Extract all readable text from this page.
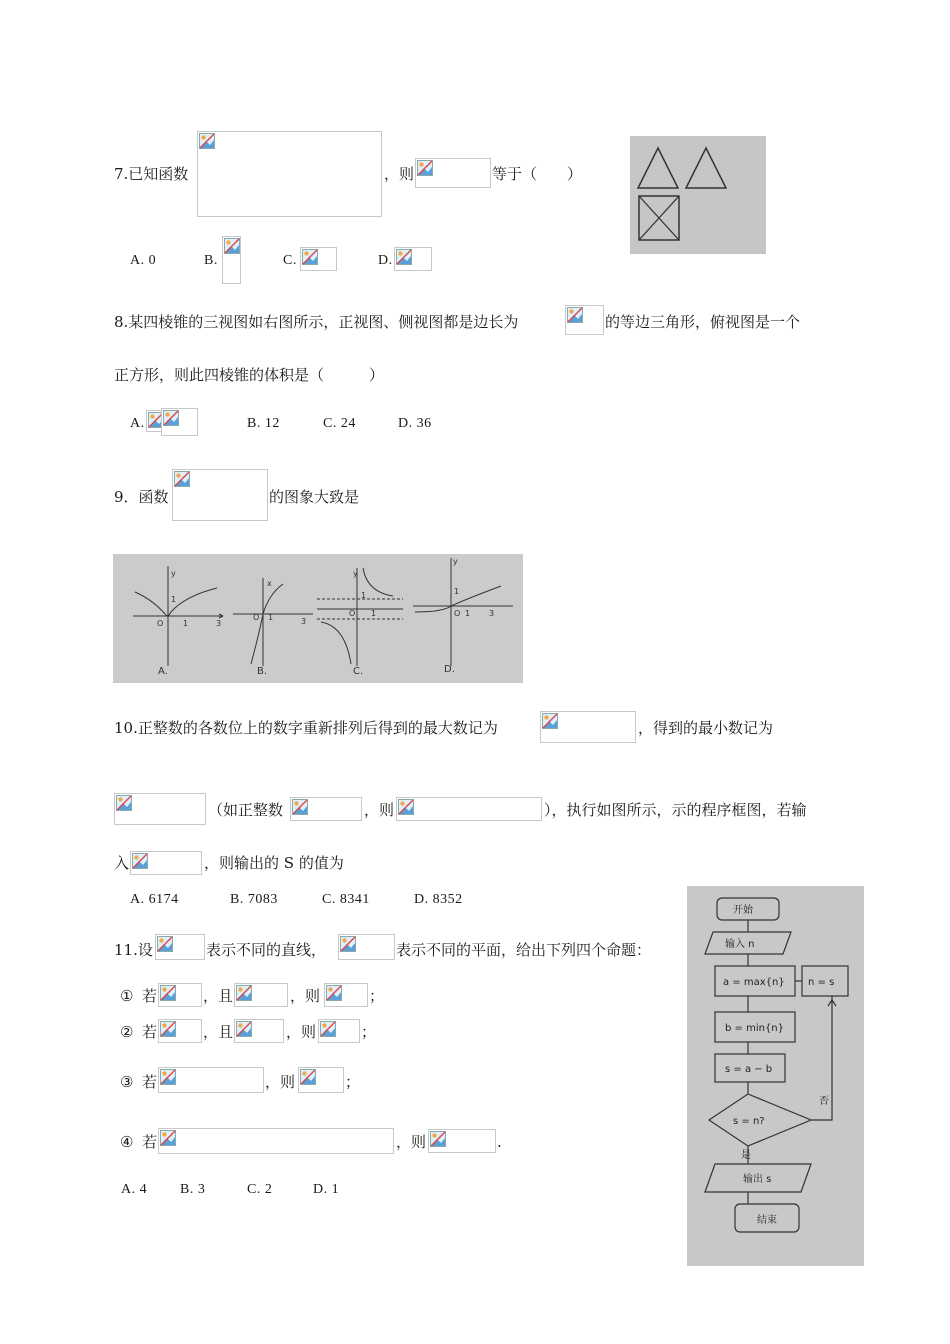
7.已知函数	，则	等于（　　）
A. 0	B.	C.	D.
8.某四棱锥的三视图如右图所示，正视图、侧视图都是边长为	的等边三角形，俯视图是一个
正方形，则此四棱锥的体积是（　　　）
A.	B. 12	C. 24	D. 36
9．函数	的图象大致是
y
O
1
1	3
A.
x
O 1	3
B.
y
1
O 1
C.
y
1
O 1 3
D.
10.正整数的各数位上的数字重新排列后得到的最大数记为	，得到的最小数记为
（如正整数	，则	），执行如图所示，示的程序框图，若输
入	，则输出的 S 的值为
A. 6174	B. 7083	C. 8341	D. 8352
开始
输入 n
a = max{n} n = s
b = min{n}
s = a − b
s = n?
否
是
输出 s
结束
11.设	表示不同的直线，	表示不同的平面，给出下列四个命题：
① 若	，且	，则	；
② 若	，且	，则	；
③ 若	，则	；
④ 若	，则	.
A. 4 B. 3	C. 2	D. 1
